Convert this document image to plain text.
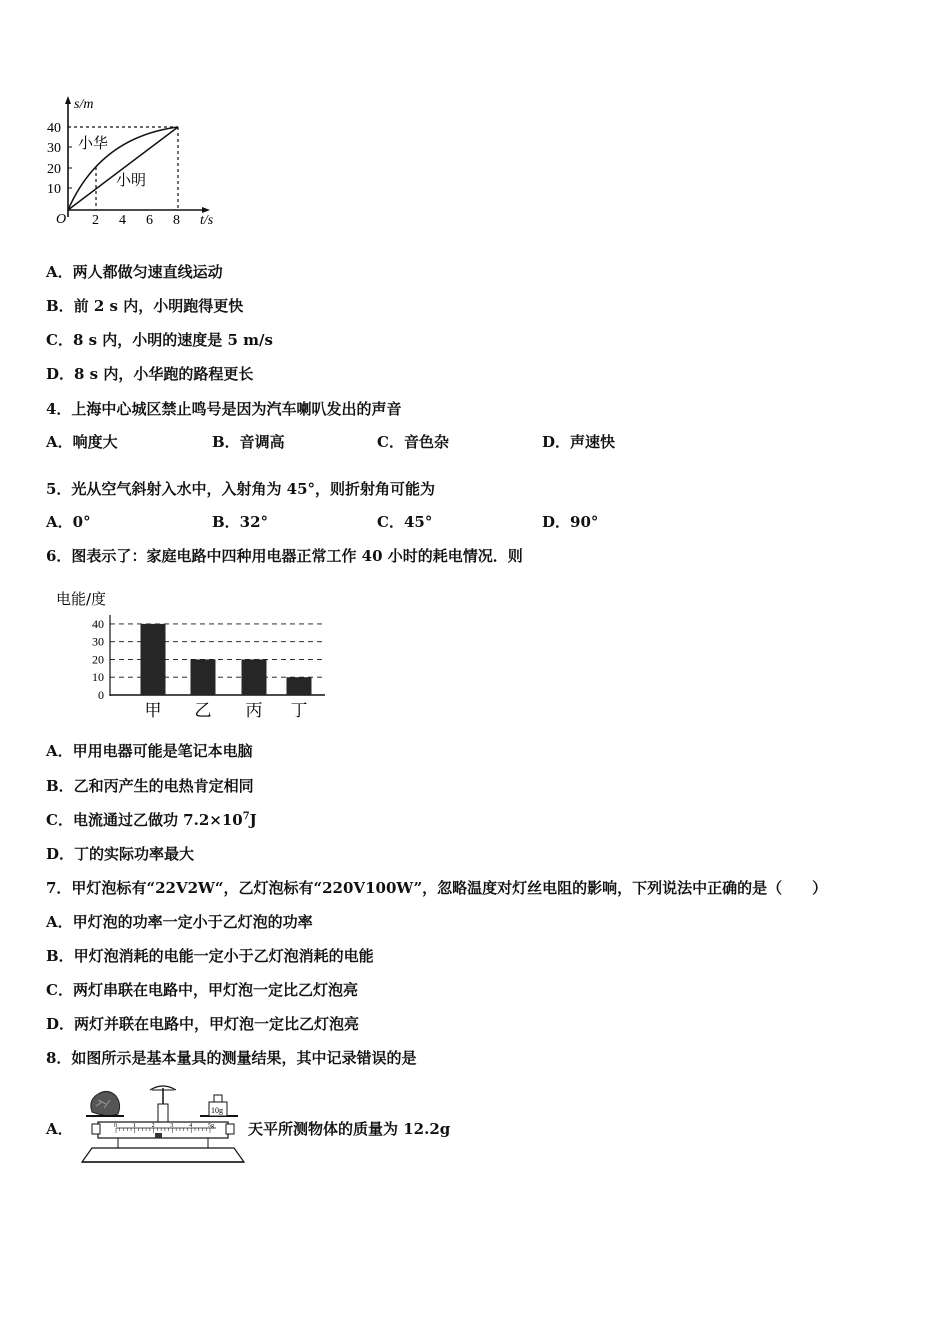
s/m
t/s
O
10
20
30
40
2 4 6 8
小华
小明
A．两人都做匀速直线运动
B．前 2 s 内，小明跑得更快
C．8 s 内，小明的速度是 5 m/s
D．8 s 内，小华跑的路程更长
4．上海中心城区禁止鸣号是因为汽车喇叭发出的声音
A．响度大	B．音调高	C．音色杂	D．声速快
5．光从空气斜射入水中，入射角为 45°，则折射角可能为
A．0°	B．32°	C．45°	D．90°
6．图表示了：家庭电路中四种用电器正常工作 40 小时的耗电情况．则
电能/度
0
10
20
30
40
甲 乙 丙 丁
A．甲用电器可能是笔记本电脑
B．乙和丙产生的电热肯定相同
C．电流通过乙做功 $7.2\times 10^7J$
D．丁的实际功率最大
7．甲灯泡标有“22V2W“，乙灯泡标有“220V100W”，忽略温度对灯丝电阻的影响，下列说法中正确的是（　　）
A．甲灯泡的功率一定小于乙灯泡的功率
B．甲灯泡消耗的电能一定小于乙灯泡消耗的电能
C．两灯串联在电路中，甲灯泡一定比乙灯泡亮
D．两灯并联在电路中，甲灯泡一定比乙灯泡亮
8．如图所示是基本量具的测量结果，其中记录错误的是
A．
10g
0	1	2	3	4	5g 天平所测物体的质量为 12.2g
